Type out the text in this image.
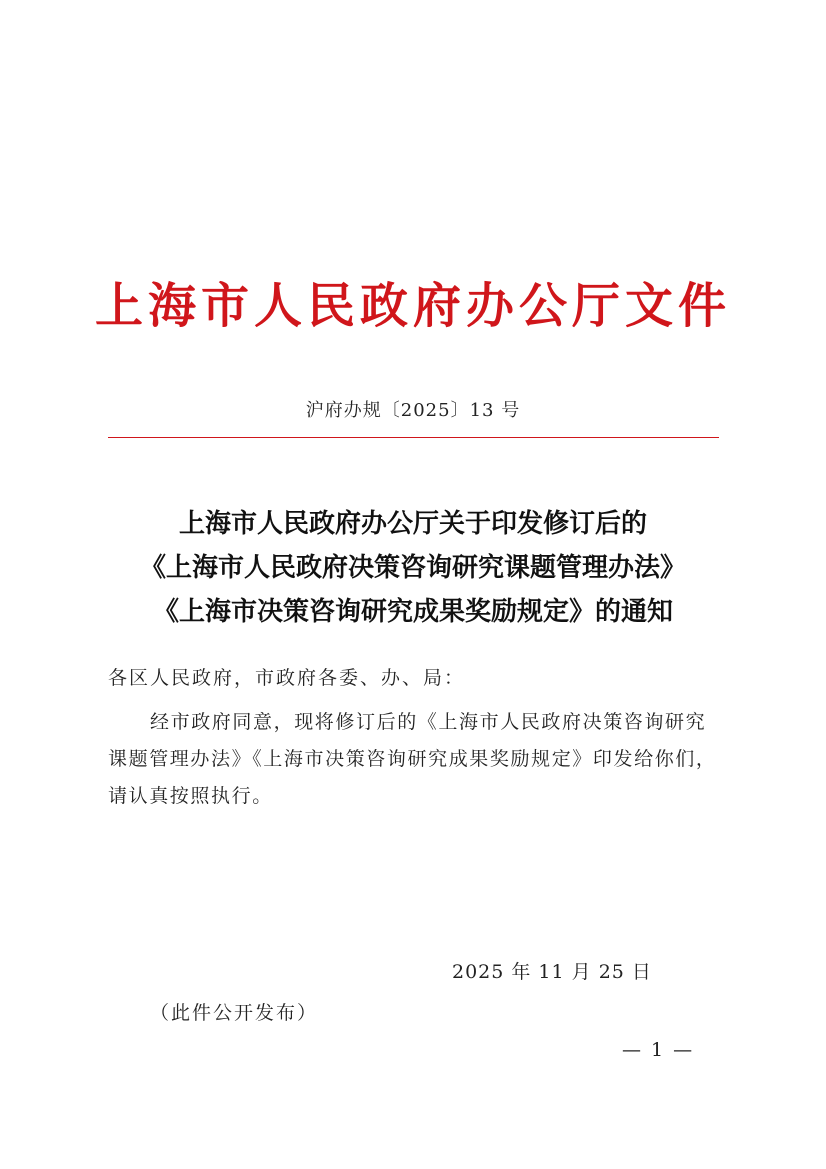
上海市人民政府办公厅文件
沪府办规〔2025〕13 号
上海市人民政府办公厅关于印发修订后的
《上海市人民政府决策咨询研究课题管理办法》
《上海市决策咨询研究成果奖励规定》的通知
各区人民政府，市政府各委、办、局：
经市政府同意，现将修订后的《上海市人民政府决策咨询研究
课题管理办法》《上海市决策咨询研究成果奖励规定》印发给你们，
请认真按照执行。
2025 年 11 月 25 日
（此件公开发布）
— 1 —
